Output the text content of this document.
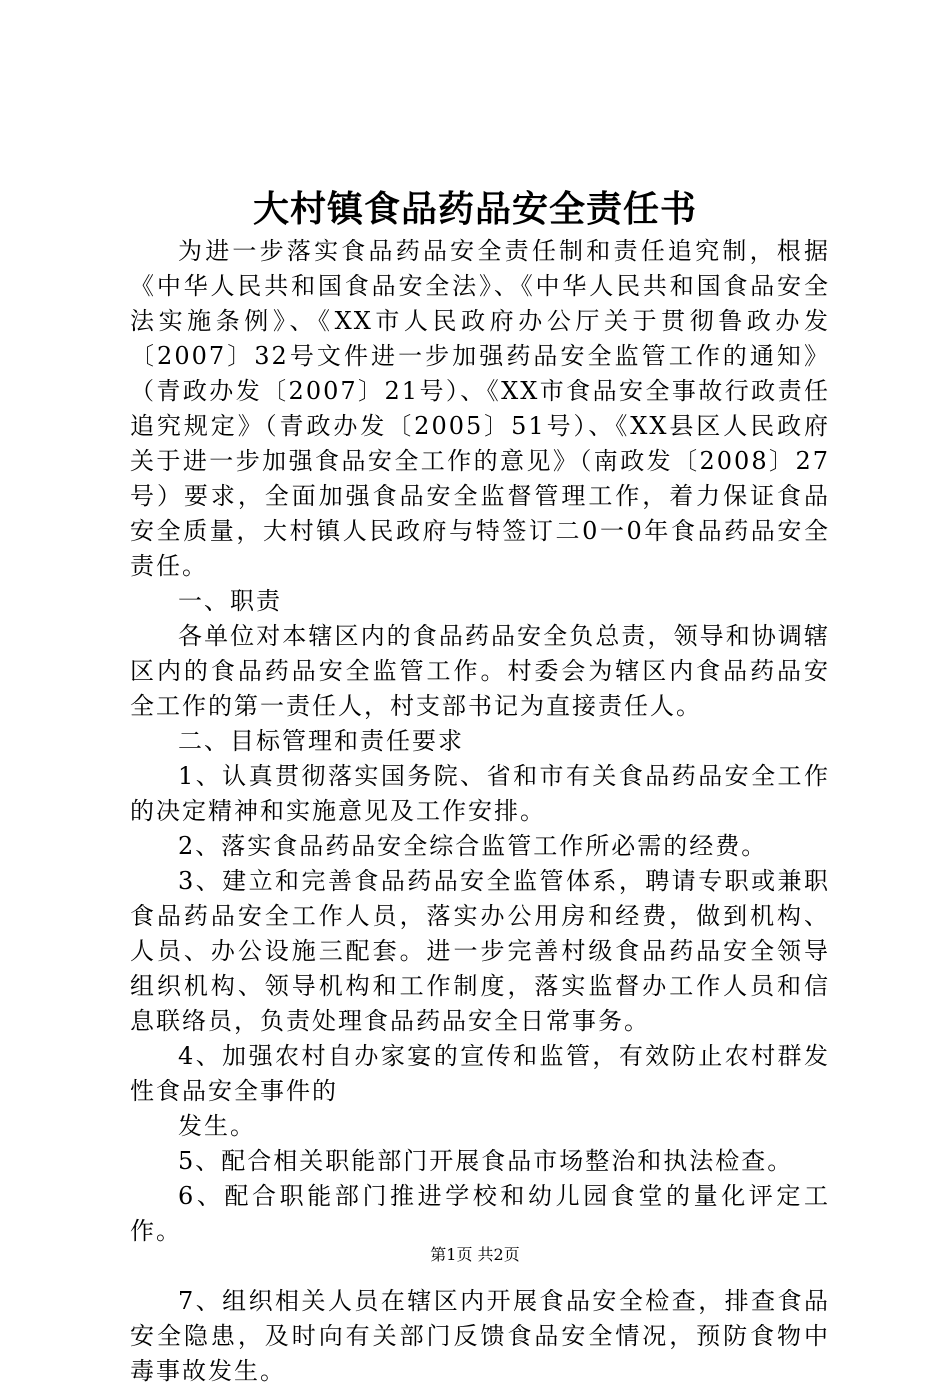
大村镇食品药品安全责任书

为进一步落实食品药品安全责任制和责任追究制，根据《中华人民共和国食品安全法》、《中华人民共和国食品安全法实施条例》、《XX市人民政府办公厅关于贯彻鲁政办发〔2007〕32号文件进一步加强药品安全监管工作的通知》（青政办发〔2007〕21号）、《XX市食品安全事故行政责任追究规定》（青政办发〔2005〕51号）、《XX县区人民政府关于进一步加强食品安全工作的意见》（南政发〔2008〕27号）要求，全面加强食品安全监督管理工作，着力保证食品安全质量，大村镇人民政府与特签订二0一0年食品药品安全责任。

一、职责

各单位对本辖区内的食品药品安全负总责，领导和协调辖区内的食品药品安全监管工作。村委会为辖区内食品药品安全工作的第一责任人，村支部书记为直接责任人。

二、目标管理和责任要求

1、认真贯彻落实国务院、省和市有关食品药品安全工作的决定精神和实施意见及工作安排。

2、落实食品药品安全综合监管工作所必需的经费。

3、建立和完善食品药品安全监管体系，聘请专职或兼职食品药品安全工作人员，落实办公用房和经费，做到机构、人员、办公设施三配套。进一步完善村级食品药品安全领导组织机构、领导机构和工作制度，落实监督办工作人员和信息联络员，负责处理食品药品安全日常事务。

4、加强农村自办家宴的宣传和监管，有效防止农村群发性食品安全事件的

发生。

5、配合相关职能部门开展食品市场整治和执法检查。

6、配合职能部门推进学校和幼儿园食堂的量化评定工作。

7、组织相关人员在辖区内开展食品安全检查，排查食品安全隐患，及时向有关部门反馈食品安全情况，预防食物中毒事故发生。

第1页 共2页
